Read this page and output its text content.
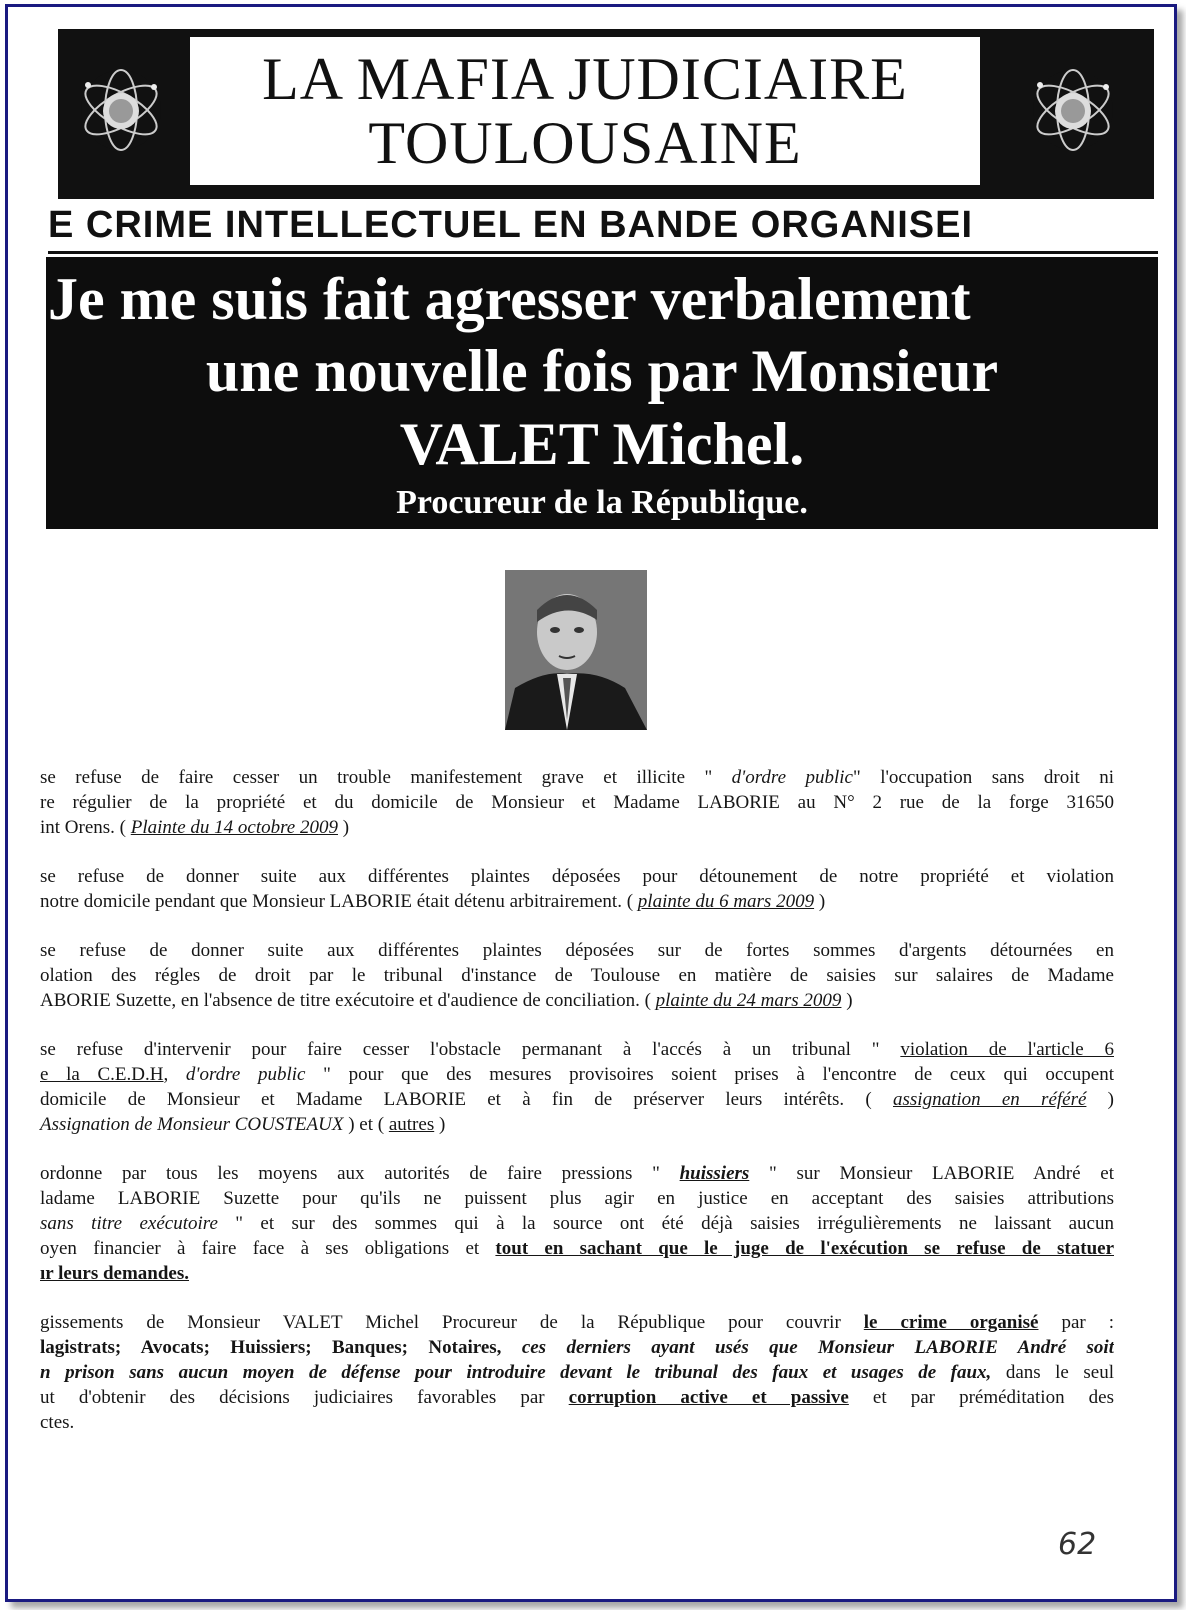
LA MAFIA JUDICIAIRE
TOULOUSAINE
E CRIME INTELLECTUEL EN BANDE ORGANISEI
Je me suis fait agresser verbalement
une nouvelle fois par Monsieur
VALET Michel.
Procureur de la République.
se refuse de faire cesser un trouble manifestement grave et illicite " d'ordre public" l'occupation sans droit ni
re régulier de la propriété et du domicile de Monsieur et Madame LABORIE au N° 2 rue de la forge 31650
int Orens. ( Plainte du 14 octobre 2009 )
se refuse de donner suite aux différentes plaintes déposées pour détounement de notre propriété et violation
notre domicile pendant que Monsieur LABORIE était détenu arbitrairement. ( plainte du 6 mars 2009 )
se refuse de donner suite aux différentes plaintes déposées sur de fortes sommes d'argents détournées en
olation des régles de droit par le tribunal d'instance de Toulouse en matière de saisies sur salaires de Madame
ABORIE Suzette, en l'absence de titre exécutoire et d'audience de conciliation. ( plainte du 24 mars 2009 )
se refuse d'intervenir pour faire cesser l'obstacle permanant à l'accés à un tribunal " violation de l'article 6
e la C.E.D.H, d'ordre public " pour que des mesures provisoires soient prises à l'encontre de ceux qui occupent
domicile de Monsieur et Madame LABORIE et à fin de préserver leurs intérêts. ( assignation en référé )
Assignation de Monsieur COUSTEAUX ) et ( autres )
ordonne par tous les moyens aux autorités de faire pressions " huissiers " sur Monsieur LABORIE André et
ladame LABORIE Suzette pour qu'ils ne puissent plus agir en justice en acceptant des saisies attributions
sans titre exécutoire " et sur des sommes qui à la source ont été déjà saisies irrégulièrements ne laissant aucun
oyen financier à faire face à ses obligations et tout en sachant que le juge de l'exécution se refuse de statuer
ır leurs demandes.
gissements de Monsieur VALET Michel Procureur de la République pour couvrir le crime organisé par :
lagistrats; Avocats; Huissiers; Banques; Notaires, ces derniers ayant usés que Monsieur LABORIE André soit
n prison sans aucun moyen de défense pour introduire devant le tribunal des faux et usages de faux, dans le seul
ut d'obtenir des décisions judiciaires favorables par corruption active et passive et par préméditation des
ctes.
62
